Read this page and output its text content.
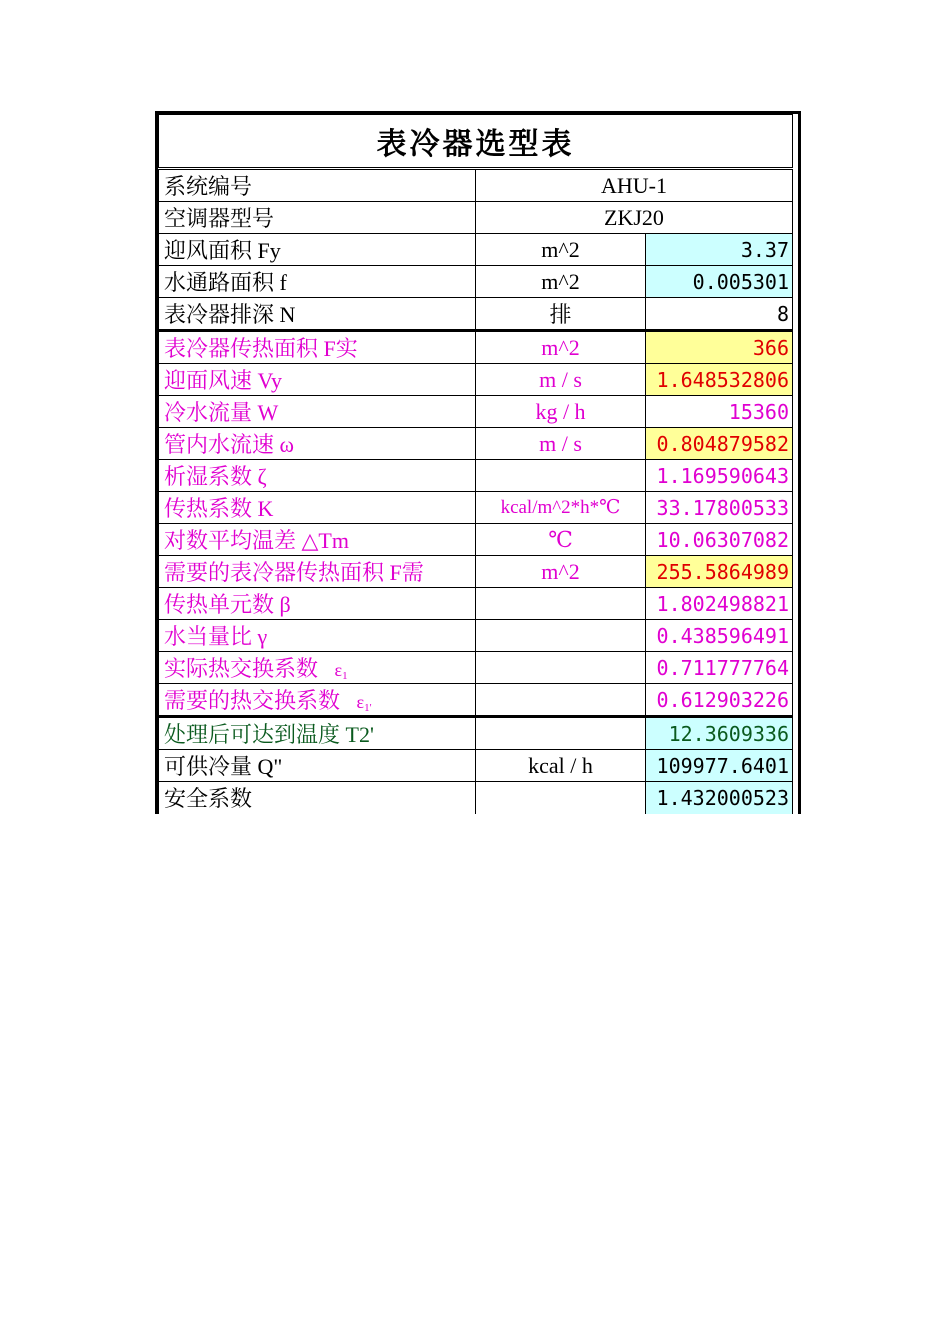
表冷器选型表		
系统编号	AHU-1	
空调器型号	ZKJ20	
迎风面积 Fy	m^2	3.37
水通路面积 f	m^2	0.005301
表冷器排深 N	排	8
表冷器传热面积 F实	m^2	366
迎面风速 Vy	m / s	1.648532806
冷水流量 W	kg / h	15360
管内水流速 ω	m / s	0.804879582
析湿系数 ζ		1.169590643
传热系数 K	kcal/m^2*h*℃	33.17800533
对数平均温差 △Tm	℃	10.06307082
需要的表冷器传热面积 F需	m^2	255.5864989
传热单元数 β		1.802498821
水当量比 γ		0.438596491
实际热交换系数 $\varepsilon_1$		0.711777764
需要的热交换系数 $\varepsilon_{1'}$		0.612903226
处理后可达到温度 T2'		12.3609336
可供冷量 Q"	kcal / h	109977.6401
安全系数		1.432000523
